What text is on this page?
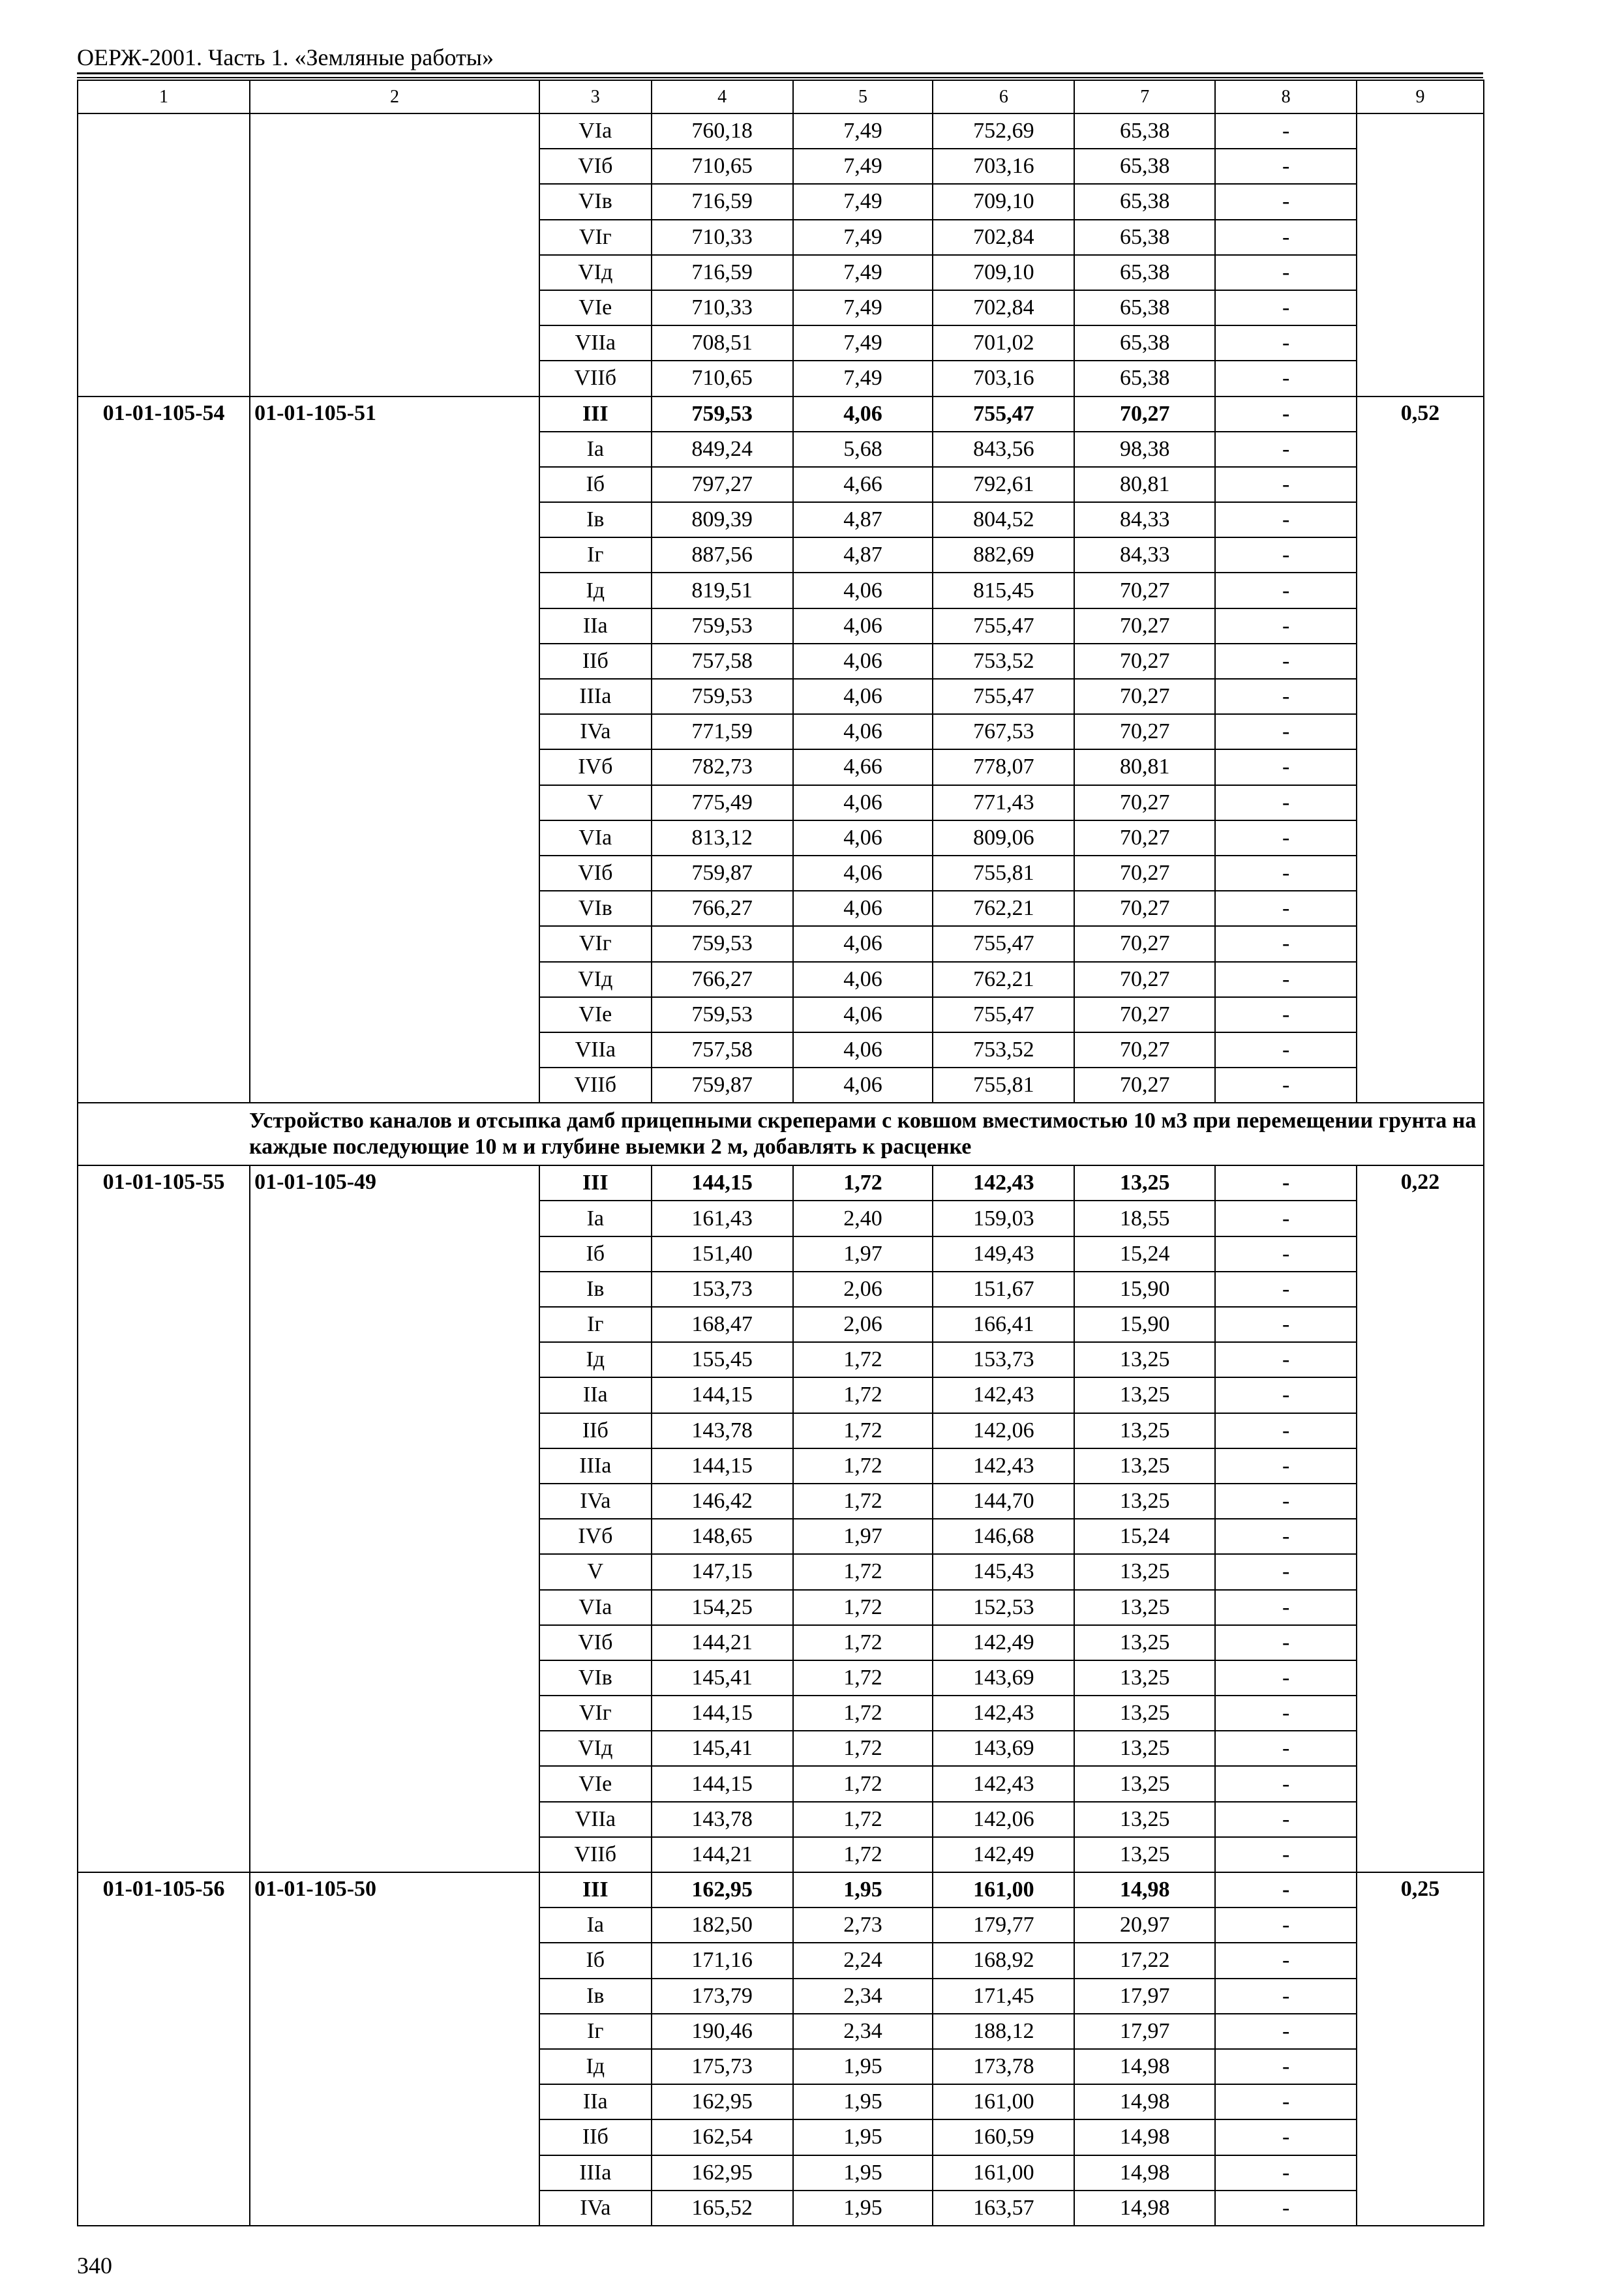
ОЕРЖ-2001. Часть 1. «Земляные работы»
1	2	3	4	5	6	7	8	9
		VIa	760,18	7,49	752,69	65,38	-	
		VIб	710,65	7,49	703,16	65,38	-	
		VIв	716,59	7,49	709,10	65,38	-	
		VIг	710,33	7,49	702,84	65,38	-	
		VIд	716,59	7,49	709,10	65,38	-	
		VIе	710,33	7,49	702,84	65,38	-	
		VIIa	708,51	7,49	701,02	65,38	-	
		VIIб	710,65	7,49	703,16	65,38	-	
01-01-105-54	01-01-105-51	III	759,53	4,06	755,47	70,27	-	0,52
		Ia	849,24	5,68	843,56	98,38	-	
		Iб	797,27	4,66	792,61	80,81	-	
		Iв	809,39	4,87	804,52	84,33	-	
		Iг	887,56	4,87	882,69	84,33	-	
		Iд	819,51	4,06	815,45	70,27	-	
		IIa	759,53	4,06	755,47	70,27	-	
		IIб	757,58	4,06	753,52	70,27	-	
		IIIa	759,53	4,06	755,47	70,27	-	
		IVa	771,59	4,06	767,53	70,27	-	
		IVб	782,73	4,66	778,07	80,81	-	
		V	775,49	4,06	771,43	70,27	-	
		VIa	813,12	4,06	809,06	70,27	-	
		VIб	759,87	4,06	755,81	70,27	-	
		VIв	766,27	4,06	762,21	70,27	-	
		VIг	759,53	4,06	755,47	70,27	-	
		VIд	766,27	4,06	762,21	70,27	-	
		VIе	759,53	4,06	755,47	70,27	-	
		VIIa	757,58	4,06	753,52	70,27	-	
		VIIб	759,87	4,06	755,81	70,27	-	
Устройство каналов и отсыпка дамб прицепными скреперами с ковшом вместимостью 10 м3 при перемещении грунта на каждые последующие 10 м и глубине выемки 2 м, добавлять к расценке								
01-01-105-55	01-01-105-49	III	144,15	1,72	142,43	13,25	-	0,22
		Ia	161,43	2,40	159,03	18,55	-	
		Iб	151,40	1,97	149,43	15,24	-	
		Iв	153,73	2,06	151,67	15,90	-	
		Iг	168,47	2,06	166,41	15,90	-	
		Iд	155,45	1,72	153,73	13,25	-	
		IIa	144,15	1,72	142,43	13,25	-	
		IIб	143,78	1,72	142,06	13,25	-	
		IIIa	144,15	1,72	142,43	13,25	-	
		IVa	146,42	1,72	144,70	13,25	-	
		IVб	148,65	1,97	146,68	15,24	-	
		V	147,15	1,72	145,43	13,25	-	
		VIa	154,25	1,72	152,53	13,25	-	
		VIб	144,21	1,72	142,49	13,25	-	
		VIв	145,41	1,72	143,69	13,25	-	
		VIг	144,15	1,72	142,43	13,25	-	
		VIд	145,41	1,72	143,69	13,25	-	
		VIе	144,15	1,72	142,43	13,25	-	
		VIIa	143,78	1,72	142,06	13,25	-	
		VIIб	144,21	1,72	142,49	13,25	-	
01-01-105-56	01-01-105-50	III	162,95	1,95	161,00	14,98	-	0,25
		Ia	182,50	2,73	179,77	20,97	-	
		Iб	171,16	2,24	168,92	17,22	-	
		Iв	173,79	2,34	171,45	17,97	-	
		Iг	190,46	2,34	188,12	17,97	-	
		Iд	175,73	1,95	173,78	14,98	-	
		IIa	162,95	1,95	161,00	14,98	-	
		IIб	162,54	1,95	160,59	14,98	-	
		IIIa	162,95	1,95	161,00	14,98	-	
		IVa	165,52	1,95	163,57	14,98	-	
340
